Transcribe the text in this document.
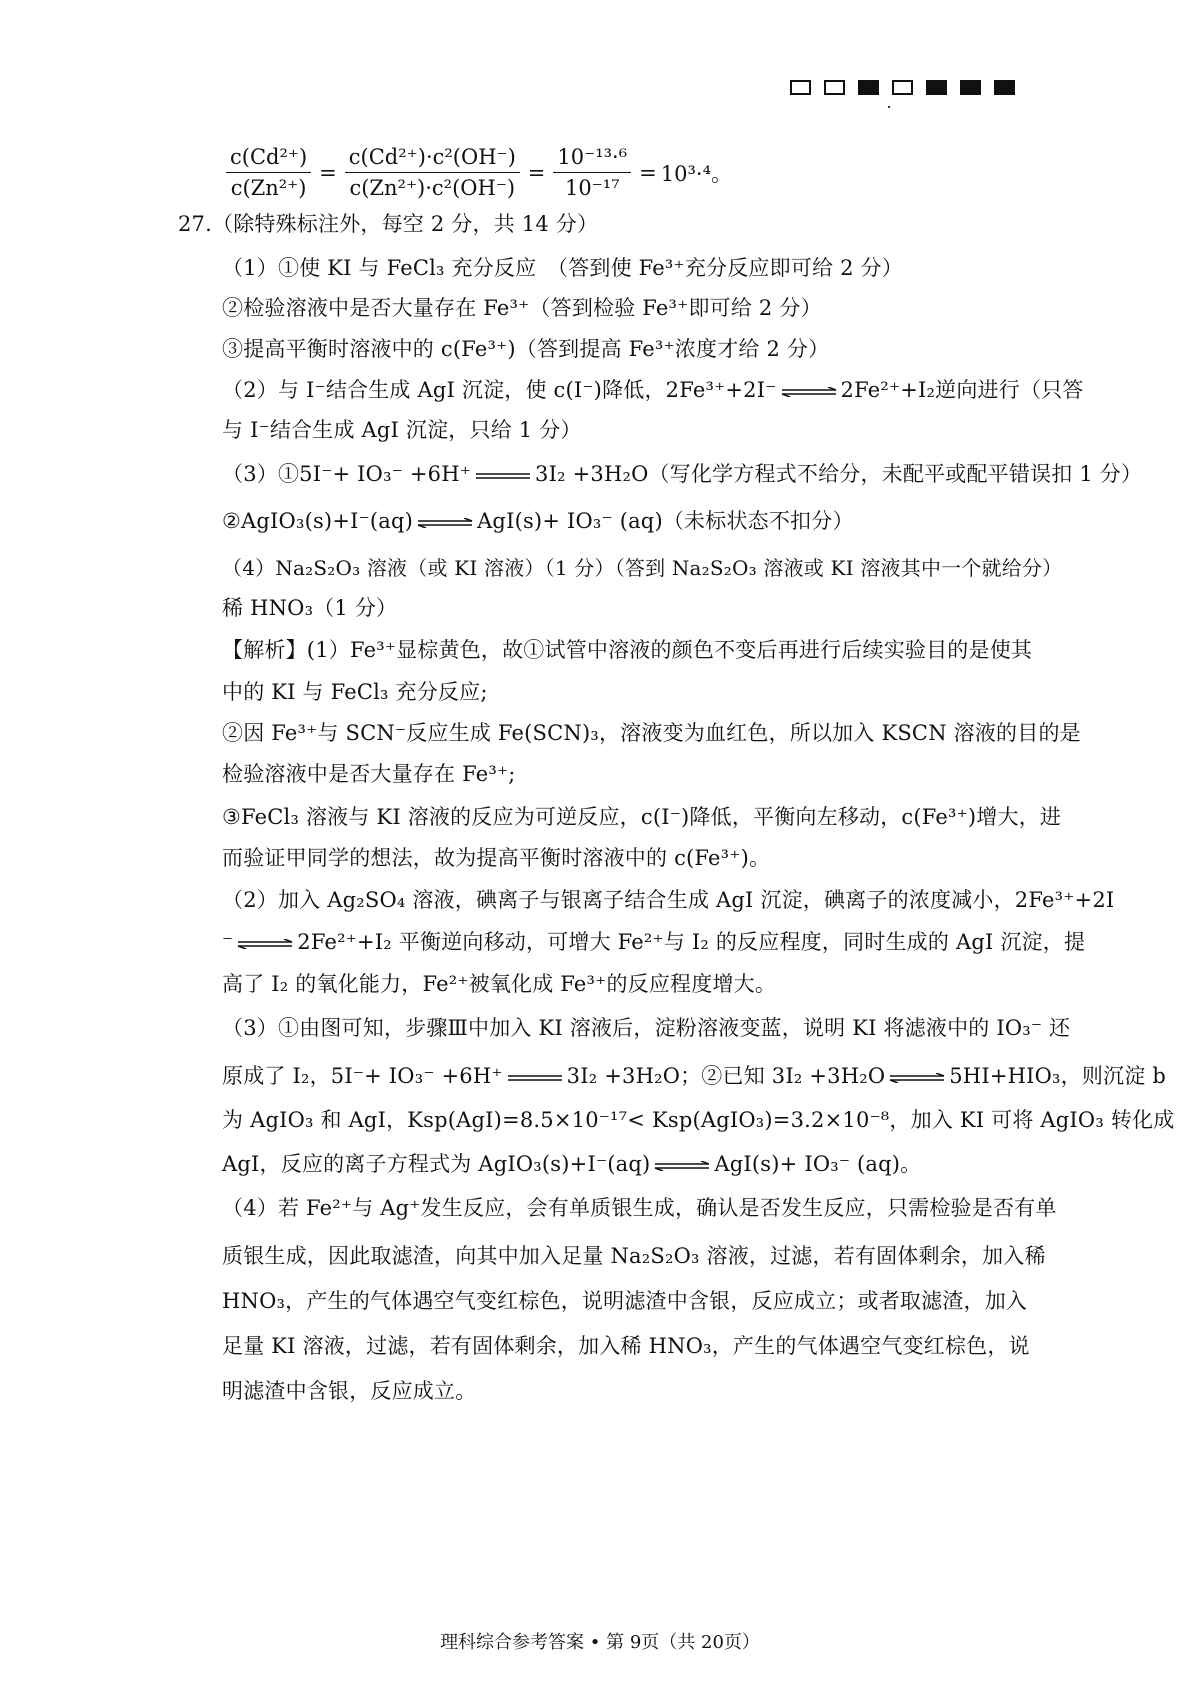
$\frac{\text{c(Cd²⁺)}}{\text{c(Zn²⁺)}} = \frac{\text{c(Cd²⁺)·c²(OH⁻)}}{\text{c(Zn²⁺)·c²(OH⁻)}} = \frac{\text{10⁻¹³·⁶}}{\text{10⁻¹⁷}} = 10^3\cdot^4$。
27.（除特殊标注外，每空 2 分，共 14 分）
（1）①使 KI 与 FeCl₃ 充分反应　（答到使 Fe³⁺充分反应即可给 2 分）
②检验溶液中是否大量存在 Fe³⁺（答到检验 Fe³⁺即可给 2 分）
③提高平衡时溶液中的 c(Fe³⁺)（答到提高 Fe³⁺浓度才给 2 分）
（2）与 I⁻结合生成 AgI 沉淀，使 c(I⁻)降低，2Fe³⁺+2I⁻ ⇌ 2Fe²⁺+I₂逆向进行（只答
与 I⁻结合生成 AgI 沉淀，只给 1 分）
（3）①5I⁻+ IO₃⁻ +6H⁺	3I₂ +3H₂O（写化学方程式不给分，未配平或配平错误扣 1 分）
②AgIO₃(s)+I⁻(aq) ⇌ AgI(s)+ IO₃⁻ (aq)（未标状态不扣分）
（4）Na₂S₂O₃ 溶液（或 KI 溶液）（1 分）（答到 Na₂S₂O₃ 溶液或 KI 溶液其中一个就给分）
稀 HNO₃（1 分）
【解析】(1）Fe³⁺显棕黄色，故①试管中溶液的颜色不变后再进行后续实验目的是使其
中的 KI 与 FeCl₃ 充分反应;
②因 Fe³⁺与 SCN⁻反应生成 Fe(SCN)₃，溶液变为血红色，所以加入 KSCN 溶液的目的是
检验溶液中是否大量存在 Fe³⁺;
③FeCl₃ 溶液与 KI 溶液的反应为可逆反应，c(I⁻)降低，平衡向左移动，c(Fe³⁺)增大，进
而验证甲同学的想法，故为提高平衡时溶液中的 c(Fe³⁺)。
（2）加入 Ag₂SO₄ 溶液，碘离子与银离子结合生成 AgI 沉淀，碘离子的浓度减小，2Fe³⁺+2I
⁻ ⇌ 2Fe²⁺+I₂ 平衡逆向移动，可增大 Fe²⁺与 I₂ 的反应程度，同时生成的 AgI 沉淀，提
高了 I₂ 的氧化能力，Fe²⁺被氧化成 Fe³⁺的反应程度增大。
（3）①由图可知，步骤Ⅲ中加入 KI 溶液后，淀粉溶液变蓝，说明 KI 将滤液中的 IO₃⁻ 还
原成了 I₂，5I⁻+ IO₃⁻ +6H⁺	3I₂ +3H₂O；②已知 3I₂ +3H₂O ⇌ 5HI+HIO₃，则沉淀 b
为 AgIO₃ 和 AgI，Ksp(AgI)=8.5×10⁻¹⁷< Ksp(AgIO₃)=3.2×10⁻⁸，加入 KI 可将 AgIO₃ 转化成
AgI，反应的离子方程式为 AgIO₃(s)+I⁻(aq) ⇌ AgI(s)+ IO₃⁻ (aq)。
（4）若 Fe²⁺与 Ag⁺发生反应，会有单质银生成，确认是否发生反应，只需检验是否有单
质银生成，因此取滤渣，向其中加入足量 Na₂S₂O₃ 溶液，过滤，若有固体剩余，加入稀
HNO₃，产生的气体遇空气变红棕色，说明滤渣中含银，反应成立；或者取滤渣，加入
足量 KI 溶液，过滤，若有固体剩余，加入稀 HNO₃，产生的气体遇空气变红棕色，说
明滤渣中含银，反应成立。
理科综合参考答案 • 第 9页（共 20页）
